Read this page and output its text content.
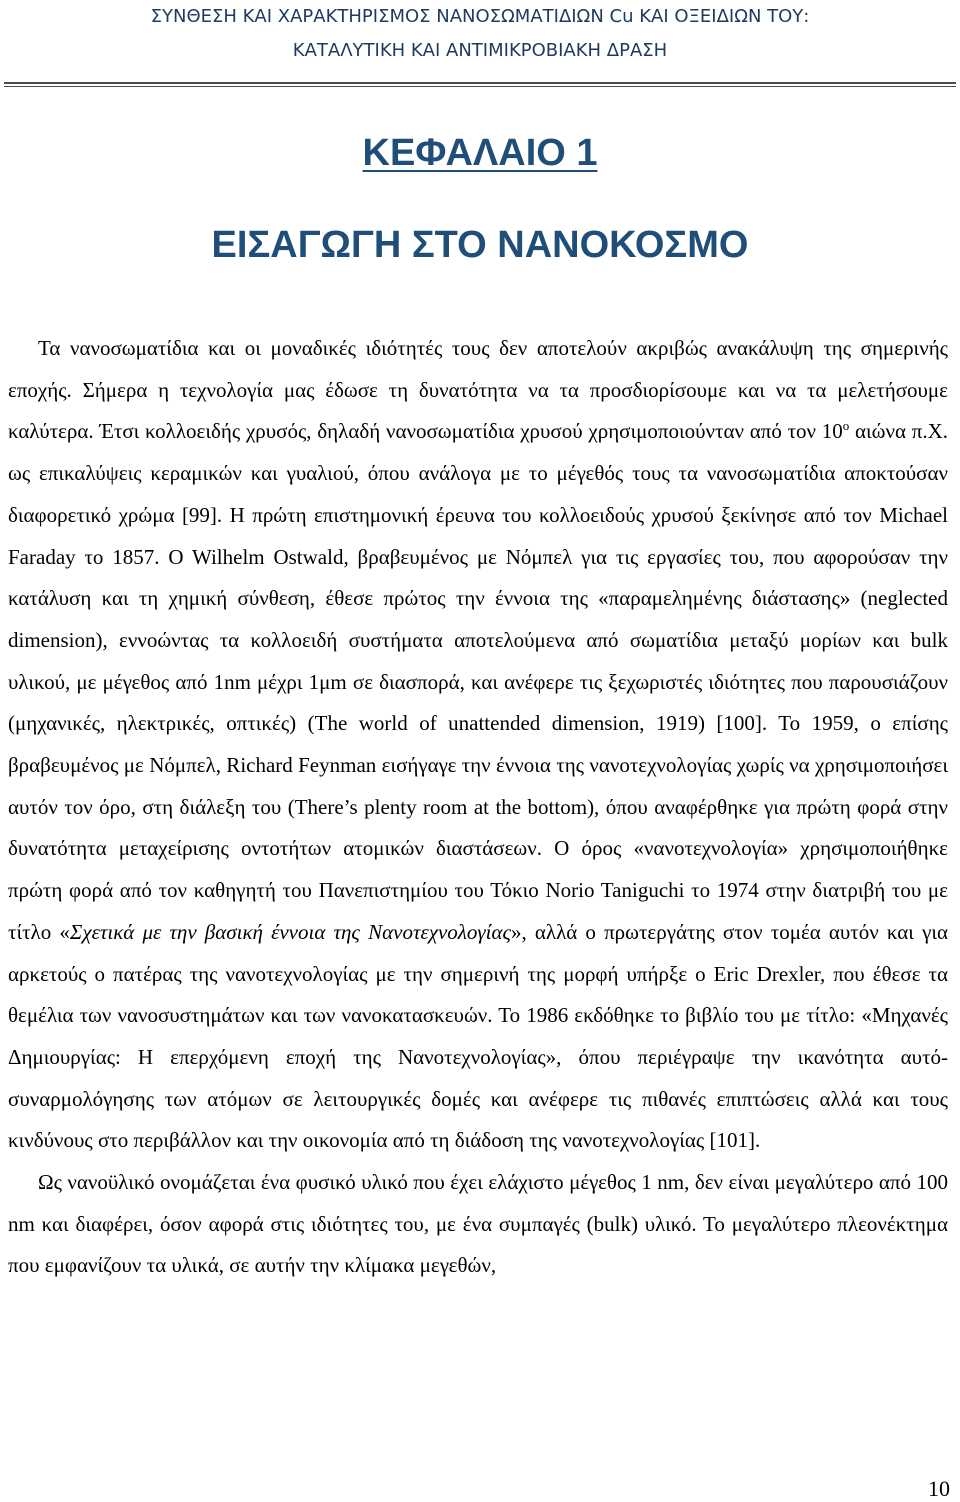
ΣΥΝΘΕΣΗ ΚΑΙ ΧΑΡΑΚΤΗΡΙΣΜΟΣ ΝΑΝΟΣΩΜΑΤΙΔΙΩΝ Cu ΚΑΙ ΟΞΕΙΔΙΩΝ ΤΟΥ:
ΚΑΤΑΛΥΤΙΚΗ ΚΑΙ ΑΝΤΙΜΙΚΡΟΒΙΑΚΗ ΔΡΑΣΗ
ΚΕΦΑΛΑΙΟ 1
ΕΙΣΑΓΩΓΗ ΣΤΟ ΝΑΝΟΚΟΣΜΟ

Τα νανοσωματίδια και οι μοναδικές ιδιότητές τους δεν αποτελούν ακριβώς ανακάλυψη της σημερινής εποχής. Σήμερα η τεχνολογία μας έδωσε τη δυνατότητα να τα προσδιορίσουμε και να τα μελετήσουμε καλύτερα. Έτσι κολλοειδής χρυσός, δηλαδή νανοσωματίδια χρυσού χρησιμοποιούνταν από τον $10^o$ αιώνα π.Χ. ως επικαλύψεις κεραμικών και γυαλιού, όπου ανάλογα με το μέγεθός τους τα νανοσωματίδια αποκτούσαν διαφορετικό χρώμα [99]. Η πρώτη επιστημονική έρευνα του κολλοειδούς χρυσού ξεκίνησε από τον Michael Faraday το 1857. O Wilhelm Ostwald, βραβευμένος με Νόμπελ για τις εργασίες του, που αφορούσαν την κατάλυση και τη χημική σύνθεση, έθεσε πρώτος την έννοια της «παραμελημένης διάστασης» (neglected dimension), εννοώντας τα κολλοειδή συστήματα αποτελούμενα από σωματίδια μεταξύ μορίων και bulk υλικού, με μέγεθος από 1nm μέχρι 1μm σε διασπορά, και ανέφερε τις ξεχωριστές ιδιότητες που παρουσιάζουν (μηχανικές, ηλεκτρικές, οπτικές) (The world of unattended dimension, 1919) [100]. Το 1959, ο επίσης βραβευμένος με Νόμπελ, Richard Feynman εισήγαγε την έννοια της νανοτεχνολογίας χωρίς να χρησιμοποιήσει αυτόν τον όρο, στη διάλεξη του (There’s plenty room at the bottom), όπου αναφέρθηκε για πρώτη φορά στην δυνατότητα μεταχείρισης οντοτήτων ατομικών διαστάσεων. Ο όρος «νανοτεχνολογία» χρησιμοποιήθηκε πρώτη φορά από τον καθηγητή του Πανεπιστημίου του Τόκιο Norio Taniguchi το 1974 στην διατριβή του με τίτλο «Σχετικά με την βασική έννοια της Νανοτεχνολογίας», αλλά ο πρωτεργάτης στον τομέα αυτόν και για αρκετούς ο πατέρας της νανοτεχνολογίας με την σημερινή της μορφή υπήρξε ο Eric Drexler, που έθεσε τα θεμέλια των νανοσυστημάτων και των νανοκατασκευών. Το 1986 εκδόθηκε το βιβλίο του με τίτλο: «Μηχανές Δημιουργίας: Η επερχόμενη εποχή της Νανοτεχνολογίας», όπου περιέγραψε την ικανότητα αυτό-συναρμολόγησης των ατόμων σε λειτουργικές δομές και ανέφερε τις πιθανές επιπτώσεις αλλά και τους κινδύνους στο περιβάλλον και την οικονομία από τη διάδοση της νανοτεχνολογίας [101].

Ως νανοϋλικό ονομάζεται ένα φυσικό υλικό που έχει ελάχιστο μέγεθος 1 nm, δεν είναι μεγαλύτερο από 100 nm και διαφέρει, όσον αφορά στις ιδιότητες του, με ένα συμπαγές (bulk) υλικό. Το μεγαλύτερο πλεονέκτημα που εμφανίζουν τα υλικά, σε αυτήν την κλίμακα μεγεθών,

10
